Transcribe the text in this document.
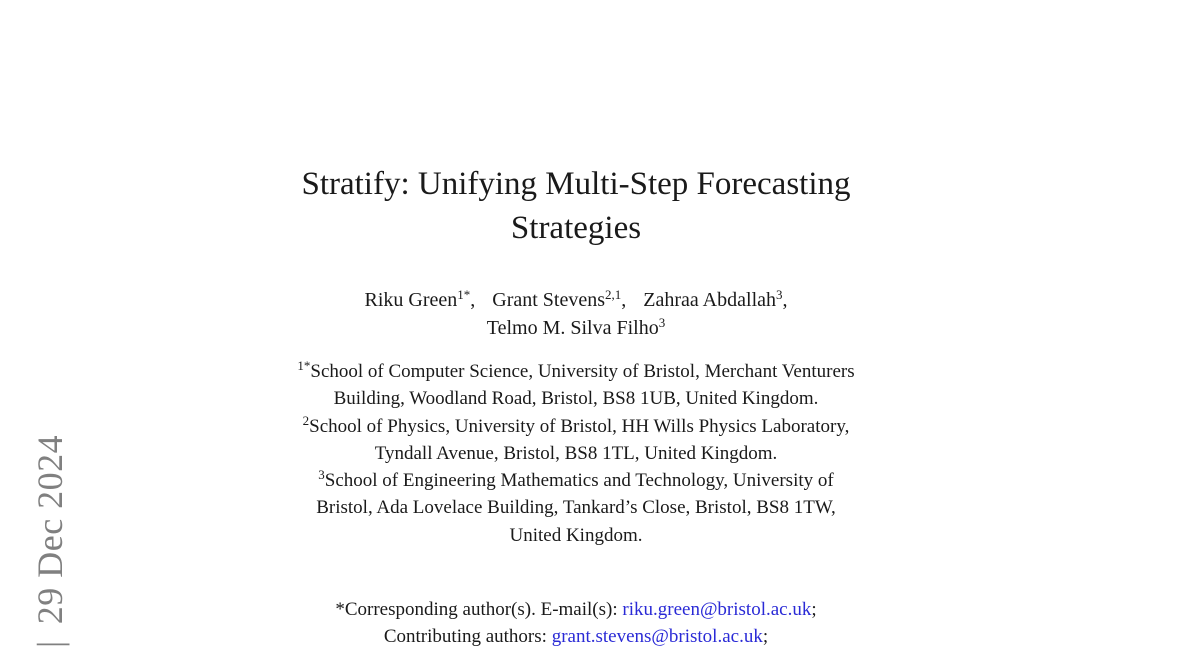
|29 Dec 2024
Stratify: Unifying Multi-Step Forecasting
Strategies
Riku Green$^{1*}$, Grant Stevens$^{2,1}$, Zahraa Abdallah$^3$,
Telmo M. Silva Filho$^3$
$^{1*}$School of Computer Science, University of Bristol, Merchant Venturers
Building, Woodland Road, Bristol, BS8 1UB, United Kingdom.
$^2$School of Physics, University of Bristol, HH Wills Physics Laboratory,
Tyndall Avenue, Bristol, BS8 1TL, United Kingdom.
$^3$School of Engineering Mathematics and Technology, University of
Bristol, Ada Lovelace Building, Tankard’s Close, Bristol, BS8 1TW,
United Kingdom.
*Corresponding author(s). E-mail(s): riku.green@bristol.ac.uk;
Contributing authors: grant.stevens@bristol.ac.uk;
